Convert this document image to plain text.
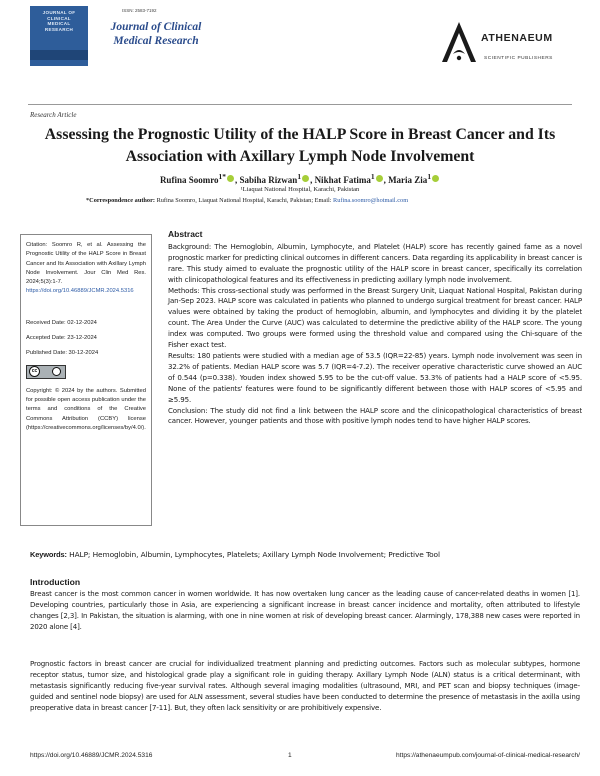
JOURNAL OF
CLINICAL
MEDICAL
RESEARCH
ISSN: 2583-7192
Journal of Clinical Medical Research	ATHENAEUM
SCIENTIFIC PUBLISHERS
Research Article
Assessing the Prognostic Utility of the HALP Score in Breast Cancer and Its Association with Axillary Lymph Node Involvement
Rufina Soomro$^{1*}$ , Sabiha Rizwan$^1$ , Nikhat Fatima$^1$ , Maria Zia$^1$
¹Liaquat National Hospital, Karachi, Pakistan
*Correspondence author: Rufina Soomro, Liaquat National Hospital, Karachi, Pakistan; Email: Rufina.soomro@hotmail.com
Citation: Soomro R, et al. Assessing the Prognostic Utility of the HALP Score in Breast Cancer and Its Association with Axillary Lymph Node Involvement. Jour Clin Med Res. 2024;5(3):1-7. https://doi.org/10.46889/JCMR.2024.5316
Received Date: 02-12-2024
Accepted Date: 23-12-2024
Published Date: 30-12-2024
cc
Copyright: © 2024 by the authors. Submitted for possible open access publication under the terms and conditions of the Creative Commons Attribution (CCBY) license (https://creativecommons.org/licenses/by/4.0/).
Abstract

Background: The Hemoglobin, Albumin, Lymphocyte, and Platelet (HALP) score has recently gained fame as a novel prognostic marker for predicting clinical outcomes in different cancers. Data regarding its applicability in breast cancer is rare. This study aimed to evaluate the prognostic utility of the HALP score in breast cancer, specifically its correlation with clinicopathological features and its effectiveness in predicting axillary lymph node involvement.

Methods: This cross-sectional study was performed in the Breast Surgery Unit, Liaquat National Hospital, Pakistan during Jan-Sep 2023. HALP score was calculated in patients who planned to undergo surgical treatment for breast cancer. HALP values were obtained by taking the product of hemoglobin, albumin, and lymphocytes and dividing it by the platelet count. The Area Under the Curve (AUC) was calculated to determine the predictive ability of the HALP score. The young index was computed. Two groups were formed using the threshold value and compared using the Chi-square of the Fisher exact test.

Results: 180 patients were studied with a median age of 53.5 (IQR=22-85) years. Lymph node involvement was seen in 32.2% of patients. Median HALP score was 5.7 (IQR=4-7.2). The receiver operative characteristic curve showed an AUC of 0.544 (p=0.338). Youden index showed 5.95 to be the cut-off value. 53.3% of patients had a HALP score of <5.95. None of the patients' features were found to be significantly different between those with HALP scores of <5.95 and ≥5.95.

Conclusion: The study did not find a link between the HALP score and the clinicopathological characteristics of breast cancer. However, younger patients and those with positive lymph nodes tend to have higher HALP scores.

Keywords: HALP; Hemoglobin, Albumin, Lymphocytes, Platelets; Axillary Lymph Node Involvement; Predictive Tool
Introduction

Breast cancer is the most common cancer in women worldwide. It has now overtaken lung cancer as the leading cause of cancer-related deaths in women [1]. Developing countries, particularly those in Asia, are experiencing a significant increase in breast cancer incidence and mortality, often attributed to lifestyle changes [2,3]. In Pakistan, the situation is alarming, with one in nine women at risk of developing breast cancer. Alarmingly, 178,388 new cases were reported in 2020 alone [4].

Prognostic factors in breast cancer are crucial for individualized treatment planning and predicting outcomes. Factors such as molecular subtypes, hormone receptor status, tumor size, and histological grade play a significant role in guiding therapy. Axillary Lymph Node (ALN) status is a critical determinant, with metastasis significantly reducing five-year survival rates. Although several imaging modalities (ultrasound, MRI, and PET scan and biopsy techniques (image-guided and sentinel node biopsy) are used for ALN assessment, several studies have been conducted to determine the presence of metastasis in the axilla using preoperative data in breast cancer [7-11]. But, they often lack sensitivity or are prohibitively expensive.

https://doi.org/10.46889/JCMR.2024.5316	1	https://athenaeumpub.com/journal-of-clinical-medical-research/
